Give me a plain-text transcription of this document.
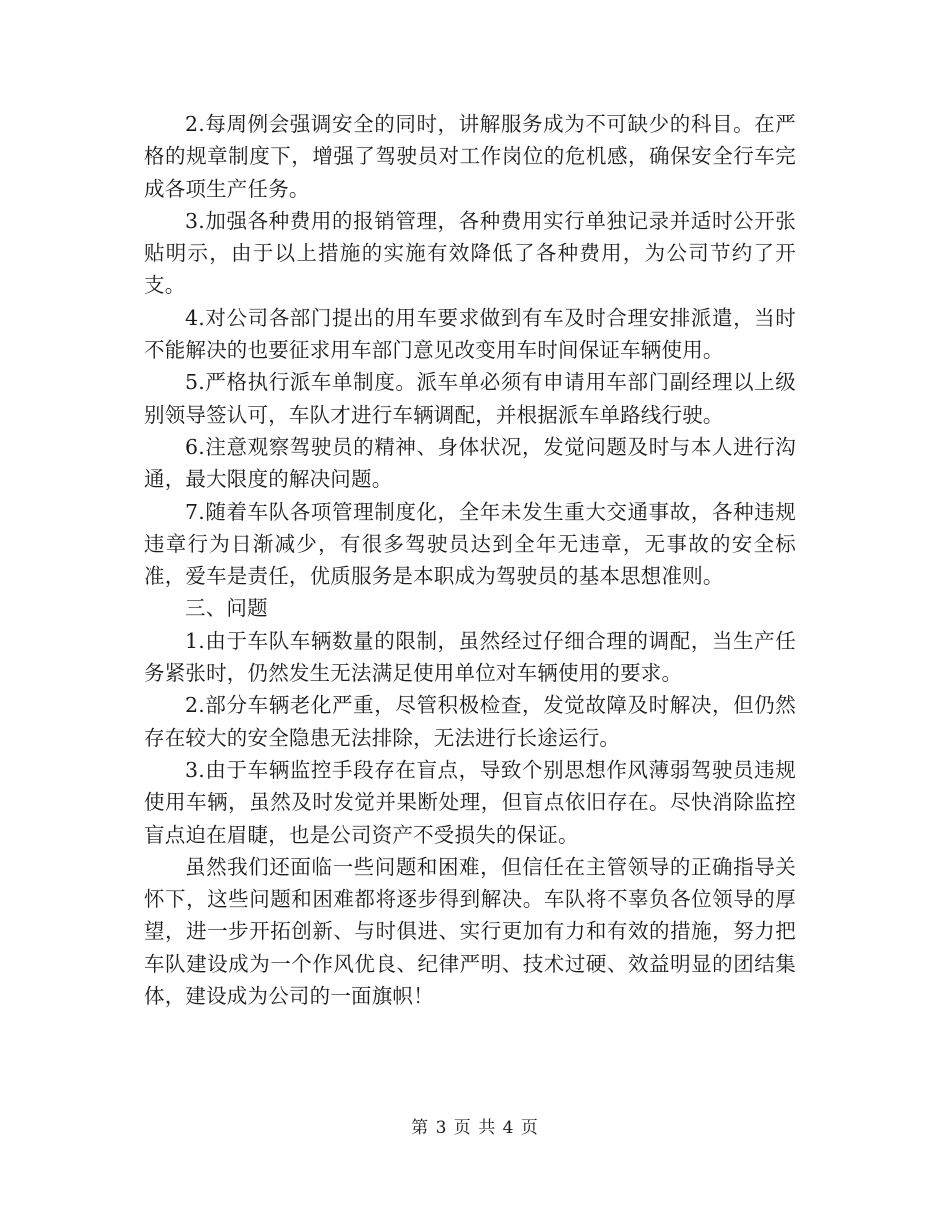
2.每周例会强调安全的同时，讲解服务成为不可缺少的科目。在严格的规章制度下，增强了驾驶员对工作岗位的危机感，确保安全行车完成各项生产任务。

3.加强各种费用的报销管理，各种费用实行单独记录并适时公开张贴明示，由于以上措施的实施有效降低了各种费用，为公司节约了开支。

4.对公司各部门提出的用车要求做到有车及时合理安排派遣，当时不能解决的也要征求用车部门意见改变用车时间保证车辆使用。

5.严格执行派车单制度。派车单必须有申请用车部门副经理以上级别领导签认可，车队才进行车辆调配，并根据派车单路线行驶。

6.注意观察驾驶员的精神、身体状况，发觉问题及时与本人进行沟通，最大限度的解决问题。

7.随着车队各项管理制度化，全年未发生重大交通事故，各种违规违章行为日渐减少，有很多驾驶员达到全年无违章，无事故的安全标准，爱车是责任，优质服务是本职成为驾驶员的基本思想准则。

三、问题

1.由于车队车辆数量的限制，虽然经过仔细合理的调配，当生产任务紧张时，仍然发生无法满足使用单位对车辆使用的要求。

2.部分车辆老化严重，尽管积极检查，发觉故障及时解决，但仍然存在较大的安全隐患无法排除，无法进行长途运行。

3.由于车辆监控手段存在盲点，导致个别思想作风薄弱驾驶员违规使用车辆，虽然及时发觉并果断处理，但盲点依旧存在。尽快消除监控盲点迫在眉睫，也是公司资产不受损失的保证。

虽然我们还面临一些问题和困难，但信任在主管领导的正确指导关怀下，这些问题和困难都将逐步得到解决。车队将不辜负各位领导的厚望，进一步开拓创新、与时俱进、实行更加有力和有效的措施，努力把车队建设成为一个作风优良、纪律严明、技术过硬、效益明显的团结集体，建设成为公司的一面旗帜！

第 3 页 共 4 页
